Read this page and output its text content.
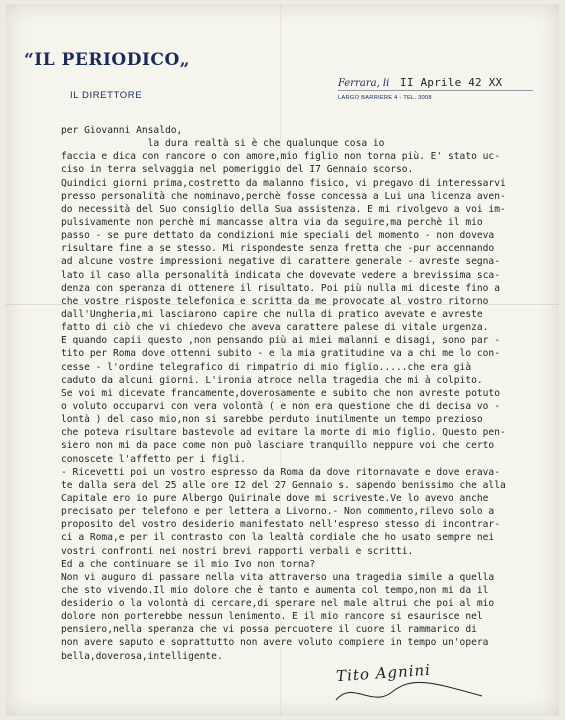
“IL PERIODICO„
IL DIRETTORE
Ferrara, li II Aprile 42 XX
LARGO BARRIERE 4 - TEL. 3008
per Giovanni Ansaldo,
la dura realtà si è che qualunque cosa io
faccia e dica con rancore o con amore,mio figlio non torna più. E' stato uc-
ciso in terra selvaggia nel pomeriggio del I7 Gennaio scorso.
Quindici giorni prima,costretto da malanno fisico, vi pregavo di interessarvi
presso personalità che nominavo,perchè fosse concessa a Lui una licenza aven-
do necessità del Suo consiglio della Sua assistenza. E mi rivolgevo a voi im-
pulsivamente non perchè mi mancasse altra via da seguire,ma perchè il mio
passo - se pure dettato da condizioni mie speciali del momento - non doveva
risultare fine a se stesso. Mi rispondeste senza fretta che -pur accennando
ad alcune vostre impressioni negative di carattere generale - avreste segna-
lato il caso alla personalità indicata che dovevate vedere a brevissima sca-
denza con speranza di ottenere il risultato. Poi più nulla mi diceste fino a
che vostre risposte telefonica e scritta da me provocate al vostro ritorno
dall'Ungheria,mi lasciarono capire che nulla di pratico avevate e avreste
fatto di ciò che vi chiedevo che aveva carattere palese di vitale urgenza.
E quando capii questo ,non pensando più ai miei malanni e disagi, sono par -
tito per Roma dove ottenni subito - e la mia gratitudine va a chi me lo con-
cesse - l'ordine telegrafico di rimpatrio di mio figlio.....che era già
caduto da alcuni giorni. L'ironia atroce nella tragedia che mi à colpito.
Se voi mi dicevate francamente,doverosamente e subito che non avreste potuto
o voluto occuparvi con vera volontà ( e non era questione che di decisa vo -
lontà ) del caso mio,non si sarebbe perduto inutilmente un tempo prezioso
che poteva risultare bastevole ad evitare la morte di mio figlio. Questo pen-
siero non mi da pace come non può lasciare tranquillo neppure voi che certo
conoscete l'affetto per i figli.
- Ricevetti poi un vostro espresso da Roma da dove ritornavate e dove erava-
te dalla sera del 25 alle ore I2 del 27 Gennaio s. sapendo benissimo che alla
Capitale ero io pure Albergo Quirinale dove mi scriveste.Ve lo avevo anche
precisato per telefono e per lettera a Livorno.- Non commento,rilevo solo a
proposito del vostro desiderio manifestato nell'espreso stesso di incontrar-
ci a Roma,e per il contrasto con la lealtà cordiale che ho usato sempre nei
vostri confronti nei nostri brevi rapporti verbali e scritti.
Ed a che continuare se il mio Ivo non torna?
Non vi auguro di passare nella vita attraverso una tragedia simile a quella
che sto vivendo.Il mio dolore che è tanto e aumenta col tempo,non mi da il
desiderio o la volontà di cercare,di sperare nel male altrui che poi al mio
dolore non porterebbe nessun lenimento. E il mio rancore si esaurisce nel
pensiero,nella speranza che vi possa percuotere il cuore il rammarico di
non avere saputo e soprattutto non avere voluto compiere in tempo un'opera
bella,doverosa,intelligente.
Tito Agnini
